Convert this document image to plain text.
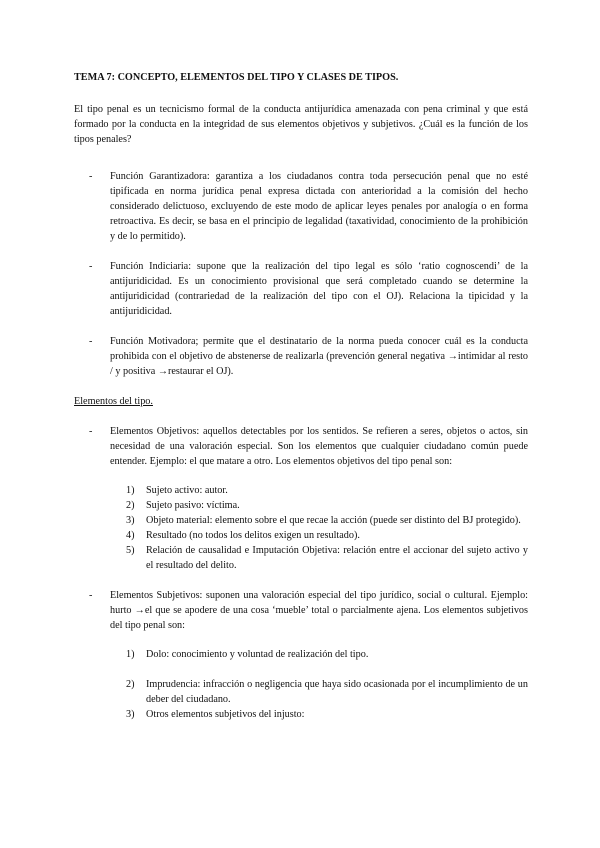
TEMA 7: CONCEPTO, ELEMENTOS DEL TIPO Y CLASES DE TIPOS.

El tipo penal es un tecnicismo formal de la conducta antijurídica amenazada con pena criminal y que está formado por la conducta en la integridad de sus elementos objetivos y subjetivos. ¿Cuál es la función de los tipos penales?

- Función Garantizadora: garantiza a los ciudadanos contra toda persecución penal que no esté tipificada en norma jurídica penal expresa dictada con anterioridad a la comisión del hecho considerado delictuoso, excluyendo de este modo de aplicar leyes penales por analogía o en forma retroactiva. Es decir, se basa en el principio de legalidad (taxatividad, conocimiento de la prohibición y de lo permitido).
- Función Indiciaria: supone que la realización del tipo legal es sólo ‘ratio cognoscendi’ de la antijuridicidad. Es un conocimiento provisional que será completado cuando se determine la antijuridicidad (contrariedad de la realización del tipo con el OJ). Relaciona la tipicidad y la antijuridicidad.
- Función Motivadora; permite que el destinatario de la norma pueda conocer cuál es la conducta prohibida con el objetivo de abstenerse de realizarla (prevención general negativa →intimidar al resto / y positiva →restaurar el OJ).

Elementos del tipo.

- Elementos Objetivos: aquellos detectables por los sentidos. Se refieren a seres, objetos o actos, sin necesidad de una valoración especial. Son los elementos que cualquier ciudadano común puede entender. Ejemplo: el que matare a otro. Los elementos objetivos del tipo penal son:
1) Sujeto activo: autor.
2) Sujeto pasivo: víctima.
3) Objeto material: elemento sobre el que recae la acción (puede ser distinto del BJ protegido).
4) Resultado (no todos los delitos exigen un resultado).
5) Relación de causalidad e Imputación Objetiva: relación entre el accionar del sujeto activo y el resultado del delito.
- Elementos Subjetivos: suponen una valoración especial del tipo jurídico, social o cultural. Ejemplo: hurto →el que se apodere de una cosa ‘mueble’ total o parcialmente ajena. Los elementos subjetivos del tipo penal son:
1) Dolo: conocimiento y voluntad de realización del tipo.
2) Imprudencia: infracción o negligencia que haya sido ocasionada por el incumplimiento de un deber del ciudadano.
3) Otros elementos subjetivos del injusto:
